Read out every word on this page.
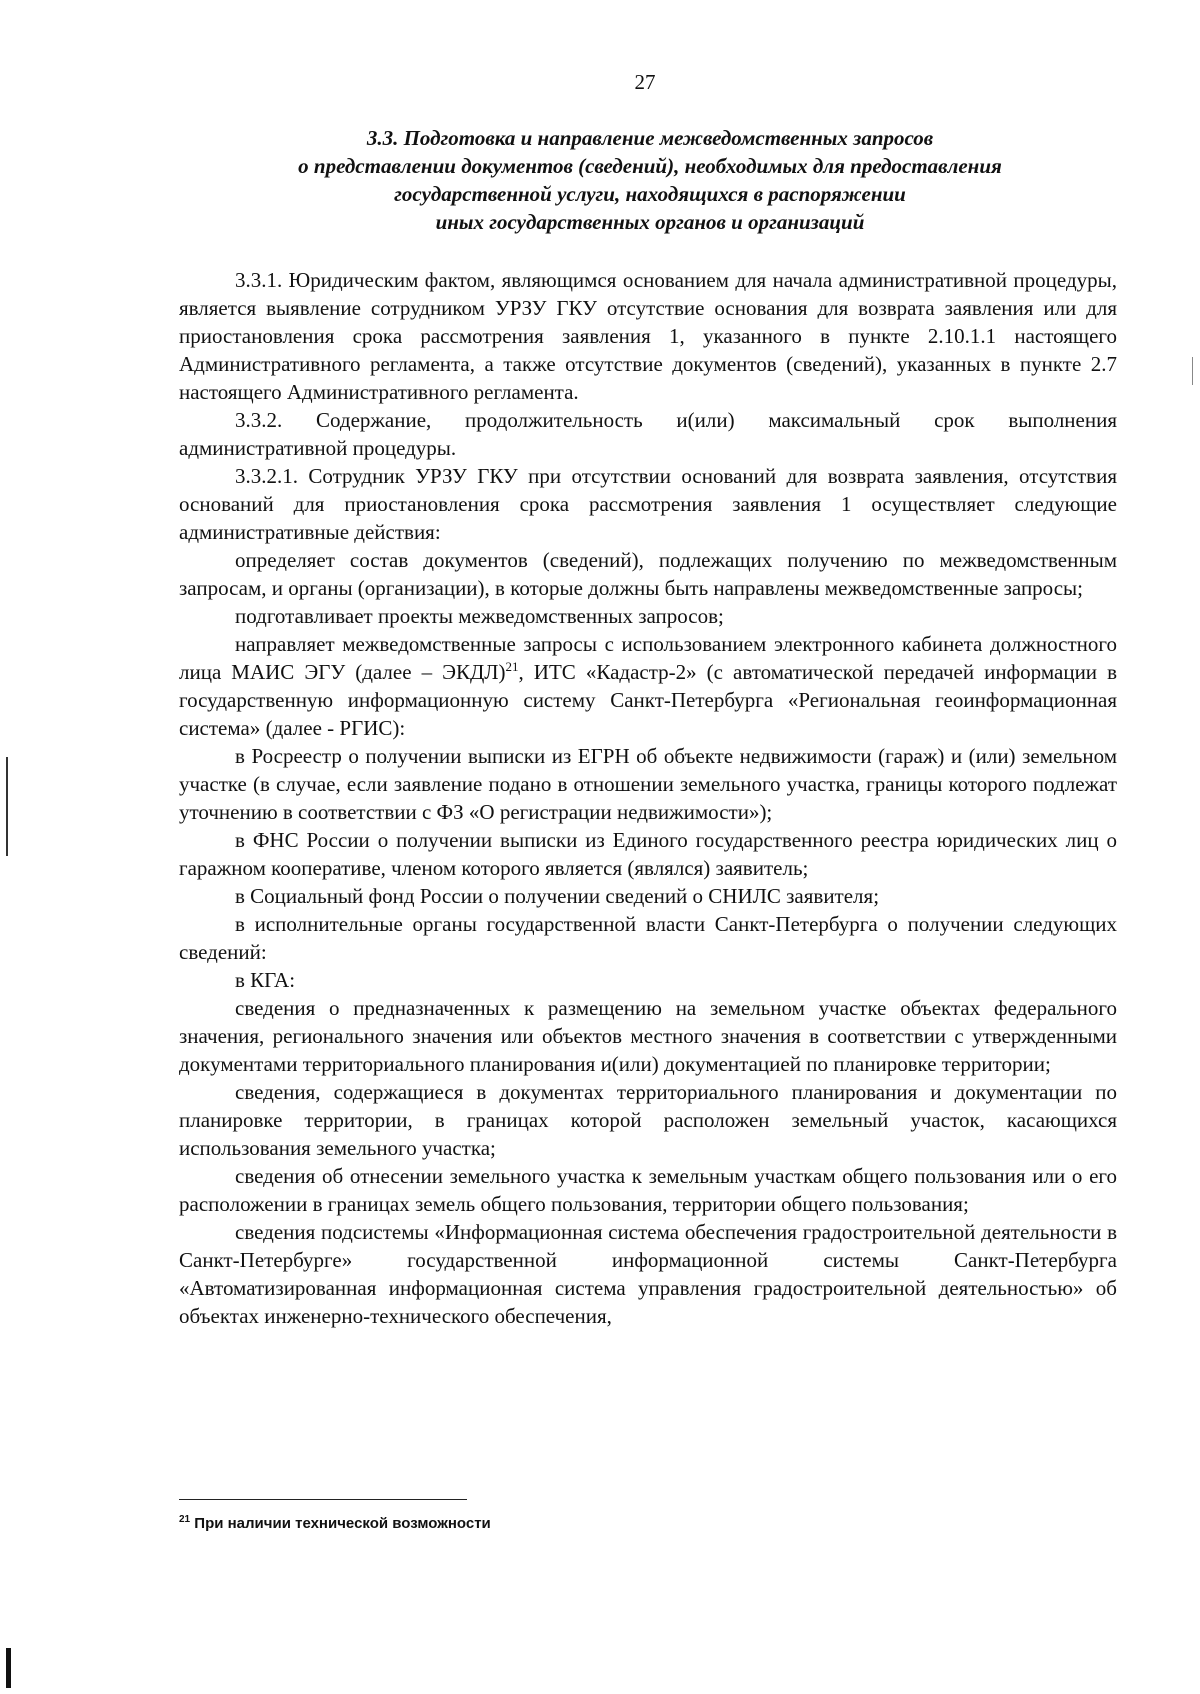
27
3.3. Подготовка и направление межведомственных запросов
о представлении документов (сведений), необходимых для предоставления
государственной услуги, находящихся в распоряжении
иных государственных органов и организаций

3.3.1. Юридическим фактом, являющимся основанием для начала административной процедуры, является выявление сотрудником УРЗУ ГКУ отсутствие основания для возврата заявления или для приостановления срока рассмотрения заявления 1, указанного в пункте 2.10.1.1 настоящего Административного регламента, а также отсутствие документов (сведений), указанных в пункте 2.7 настоящего Административного регламента.

3.3.2. Содержание, продолжительность и(или) максимальный срок выполнения административной процедуры.

3.3.2.1. Сотрудник УРЗУ ГКУ при отсутствии оснований для возврата заявления, отсутствия оснований для приостановления срока рассмотрения заявления 1 осуществляет следующие административные действия:

определяет состав документов (сведений), подлежащих получению по межведомственным запросам, и органы (организации), в которые должны быть направлены межведомственные запросы;

подготавливает проекты межведомственных запросов;

направляет межведомственные запросы с использованием электронного кабинета должностного лица МАИС ЭГУ (далее – ЭКДЛ)$^{21}$, ИТС «Кадастр-2» (с автоматической передачей информации в государственную информационную систему Санкт-Петербурга «Региональная геоинформационная система» (далее - РГИС):

в Росреестр о получении выписки из ЕГРН об объекте недвижимости (гараж) и (или) земельном участке (в случае, если заявление подано в отношении земельного участка, границы которого подлежат уточнению в соответствии с ФЗ «О регистрации недвижимости»);

в ФНС России о получении выписки из Единого государственного реестра юридических лиц о гаражном кооперативе, членом которого является (являлся) заявитель;

в Социальный фонд России о получении сведений о СНИЛС заявителя;

в исполнительные органы государственной власти Санкт-Петербурга о получении следующих сведений:

в КГА:

сведения о предназначенных к размещению на земельном участке объектах федерального значения, регионального значения или объектов местного значения в соответствии с утвержденными документами территориального планирования и(или) документацией по планировке территории;

сведения, содержащиеся в документах территориального планирования и документации по планировке территории, в границах которой расположен земельный участок, касающихся использования земельного участка;

сведения об отнесении земельного участка к земельным участкам общего пользования или о его расположении в границах земель общего пользования, территории общего пользования;

сведения подсистемы «Информационная система обеспечения градостроительной деятельности в Санкт-Петербурге» государственной информационной системы Санкт-Петербурга «Автоматизированная информационная система управления градостроительной деятельностью» об объектах инженерно-технического обеспечения,

$^{21}$ При наличии технической возможности
